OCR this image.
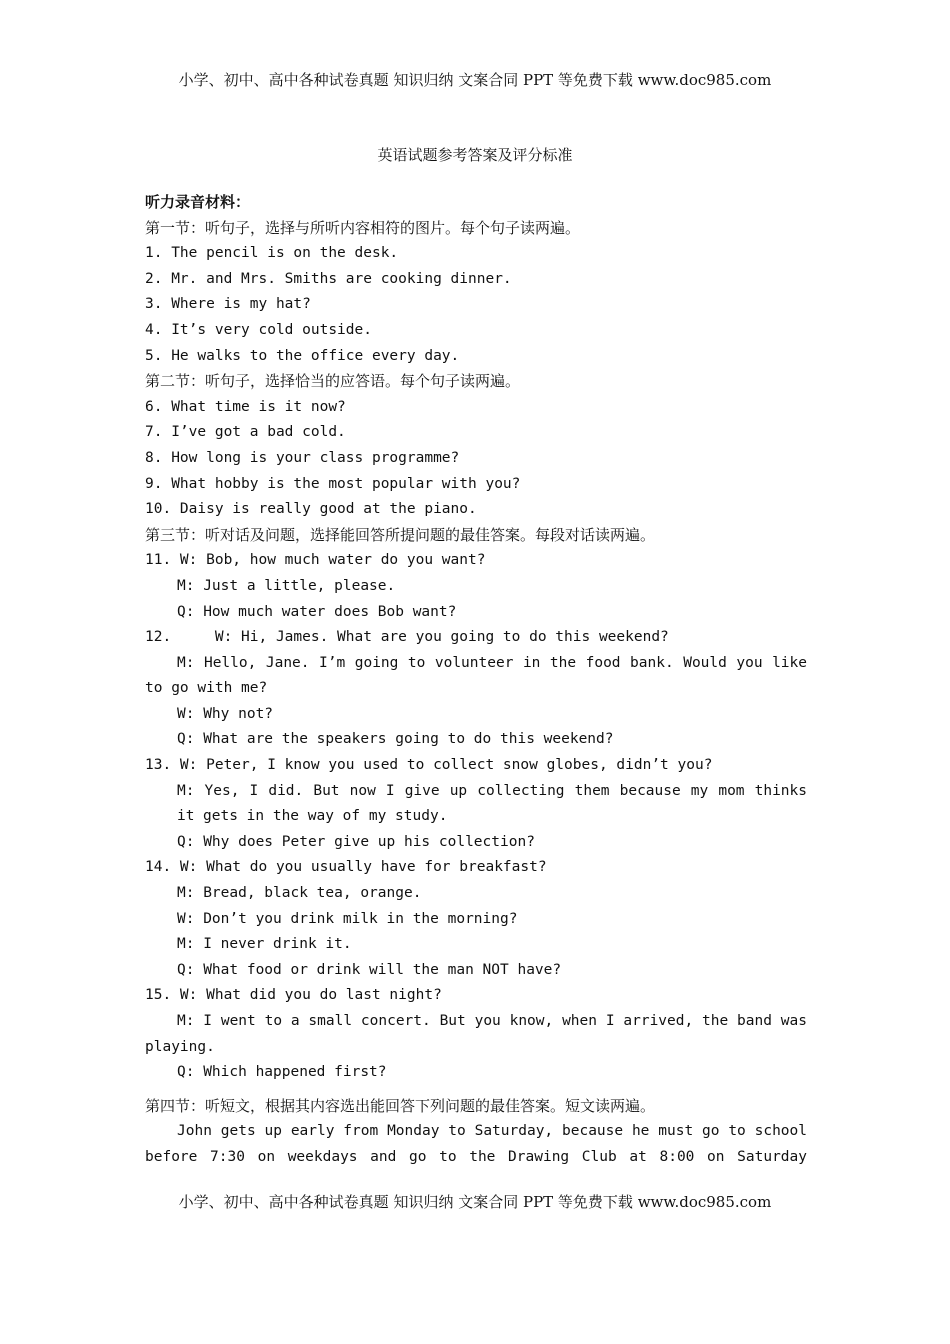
小学、初中、高中各种试卷真题 知识归纳 文案合同 PPT 等免费下载 www.doc985.com
英语试题参考答案及评分标准
听力录音材料：
第一节：听句子，选择与所听内容相符的图片。每个句子读两遍。
1. The pencil is on the desk.
2. Mr. and Mrs. Smiths are cooking dinner.
3. Where is my hat?
4. It’s very cold outside.
5. He walks to the office every day.
第二节：听句子，选择恰当的应答语。每个句子读两遍。
6. What time is it now?
7. I’ve got a bad cold.
8. How long is your class programme?
9. What hobby is the most popular with you?
10. Daisy is really good at the piano.
第三节：听对话及问题，选择能回答所提问题的最佳答案。每段对话读两遍。
11. W: Bob, how much water do you want?
M: Just a little, please.
Q: How much water does Bob want?
12.     W: Hi, James. What are you going to do this weekend?
M: Hello, Jane. I’m going to volunteer in the food bank. Would you like
to go with me?
W: Why not?
Q: What are the speakers going to do this weekend?
13. W: Peter, I know you used to collect snow globes, didn’t you?
M: Yes, I did. But now I give up collecting them because my mom thinks it gets in the way of my study.
Q: Why does Peter give up his collection?
14. W: What do you usually have for breakfast?
M: Bread, black tea, orange.
W: Don’t you drink milk in the morning?
M: I never drink it.
Q: What food or drink will the man NOT have?
15. W: What did you do last night?
M: I went to a small concert. But you know, when I arrived, the band was
playing.
Q: Which happened first?
第四节：听短文，根据其内容选出能回答下列问题的最佳答案。短文读两遍。
John gets up early from Monday to Saturday, because he must go to school
before 7:30 on weekdays and go to the Drawing Club at 8:00 on Saturday
小学、初中、高中各种试卷真题 知识归纳 文案合同 PPT 等免费下载 www.doc985.com
